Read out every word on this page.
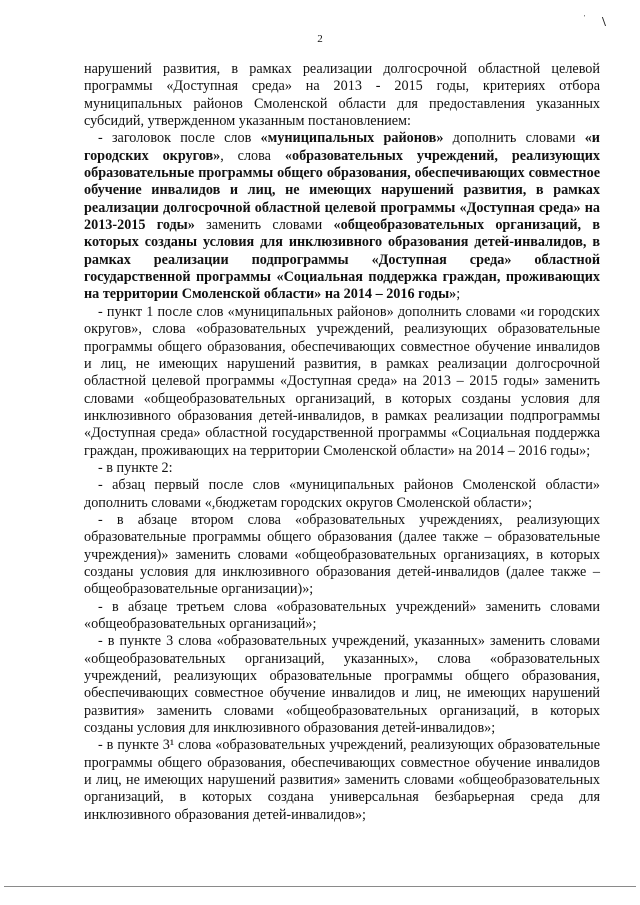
2
' \

нарушений развития, в рамках реализации долгосрочной областной целевой программы «Доступная среда» на 2013 - 2015 годы, критериях отбора муниципальных районов Смоленской области для предоставления указанных субсидий, утвержденном указанным постановлением:

- заголовок после слов «муниципальных районов» дополнить словами «и городских округов», слова «образовательных учреждений, реализующих образовательные программы общего образования, обеспечивающих совместное обучение инвалидов и лиц, не имеющих нарушений развития, в рамках реализации долгосрочной областной целевой программы «Доступная среда» на 2013-2015 годы» заменить словами «общеобразовательных организаций, в которых созданы условия для инклюзивного образования детей-инвалидов, в рамках реализации подпрограммы «Доступная среда» областной государственной программы «Социальная поддержка граждан, проживающих на территории Смоленской области» на 2014 – 2016 годы»;

- пункт 1 после слов «муниципальных районов» дополнить словами «и городских округов», слова «образовательных учреждений, реализующих образовательные программы общего образования, обеспечивающих совместное обучение инвалидов и лиц, не имеющих нарушений развития, в рамках реализации долгосрочной областной целевой программы «Доступная среда» на 2013 – 2015 годы» заменить словами «общеобразовательных организаций, в которых созданы условия для инклюзивного образования детей-инвалидов, в рамках реализации подпрограммы «Доступная среда» областной государственной программы «Социальная поддержка граждан, проживающих на территории Смоленской области» на 2014 – 2016 годы»;

- в пункте 2:

- абзац первый после слов «муниципальных районов Смоленской области» дополнить словами «,бюджетам городских округов Смоленской области»;

- в абзаце втором слова «образовательных учреждениях, реализующих образовательные программы общего образования (далее также – образовательные учреждения)» заменить словами «общеобразовательных организациях, в которых созданы условия для инклюзивного образования детей-инвалидов (далее также – общеобразовательные организации)»;

- в абзаце третьем слова «образовательных учреждений» заменить словами «общеобразовательных организаций»;

- в пункте 3 слова «образовательных учреждений, указанных» заменить словами «общеобразовательных организаций, указанных», слова «образовательных учреждений, реализующих образовательные программы общего образования, обеспечивающих совместное обучение инвалидов и лиц, не имеющих нарушений развития» заменить словами «общеобразовательных организаций, в которых созданы условия для инклюзивного образования детей-инвалидов»;

- в пункте 3¹ слова «образовательных учреждений, реализующих образовательные программы общего образования, обеспечивающих совместное обучение инвалидов и лиц, не имеющих нарушений развития» заменить словами «общеобразовательных организаций, в которых создана универсальная безбарьерная среда для инклюзивного образования детей-инвалидов»;
